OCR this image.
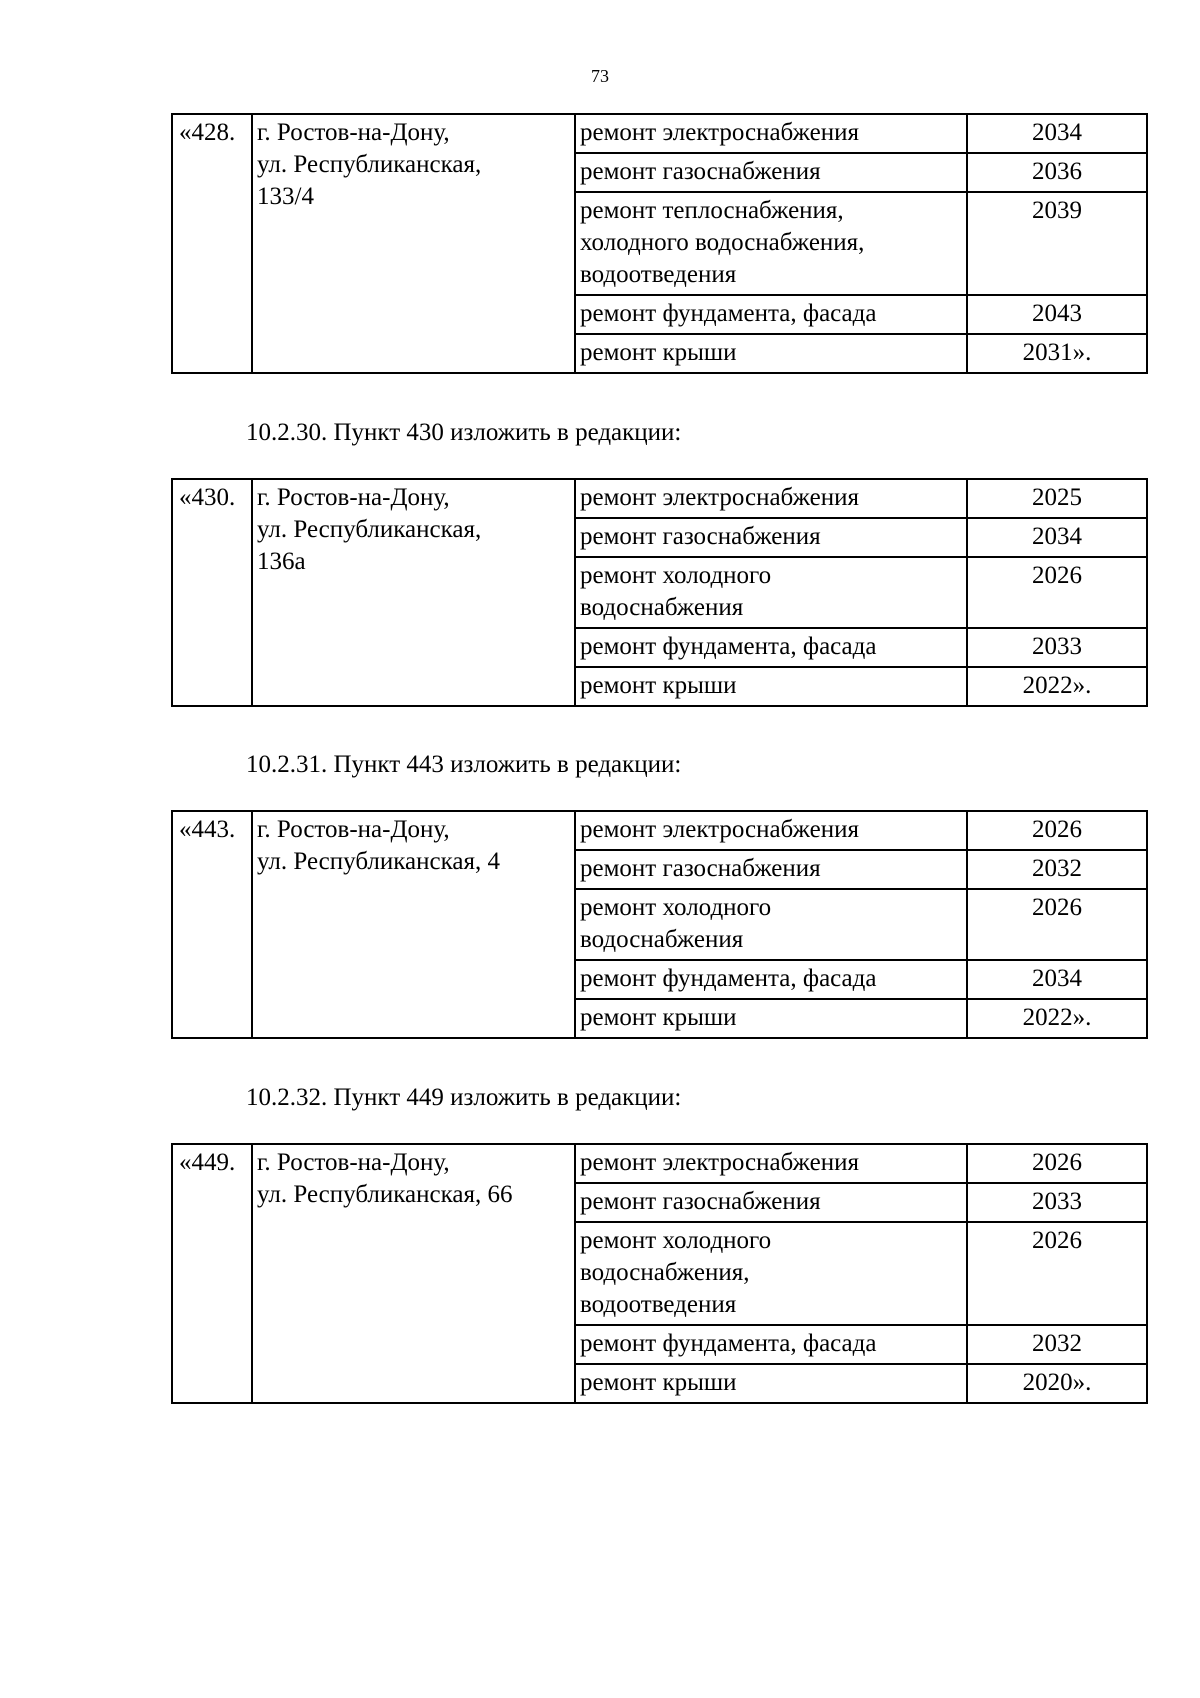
73
«428.	г. Ростов-на-Дону,
ул. Республиканская,
133/4	ремонт электроснабжения	2034
		ремонт газоснабжения	2036
		ремонт теплоснабжения,
холодного водоснабжения,
водоотведения	2039
		ремонт фундамента, фасада	2043
		ремонт крыши	2031».
10.2.30. Пункт 430 изложить в редакции:
«430.	г. Ростов-на-Дону,
ул. Республиканская,
136а	ремонт электроснабжения	2025
		ремонт газоснабжения	2034
		ремонт холодного
водоснабжения	2026
		ремонт фундамента, фасада	2033
		ремонт крыши	2022».
10.2.31. Пункт 443 изложить в редакции:
«443.	г. Ростов-на-Дону,
ул. Республиканская, 4	ремонт электроснабжения	2026
		ремонт газоснабжения	2032
		ремонт холодного
водоснабжения	2026
		ремонт фундамента, фасада	2034
		ремонт крыши	2022».
10.2.32. Пункт 449 изложить в редакции:
«449.	г. Ростов-на-Дону,
ул. Республиканская, 66	ремонт электроснабжения	2026
		ремонт газоснабжения	2033
		ремонт холодного
водоснабжения,
водоотведения	2026
		ремонт фундамента, фасада	2032
		ремонт крыши	2020».
